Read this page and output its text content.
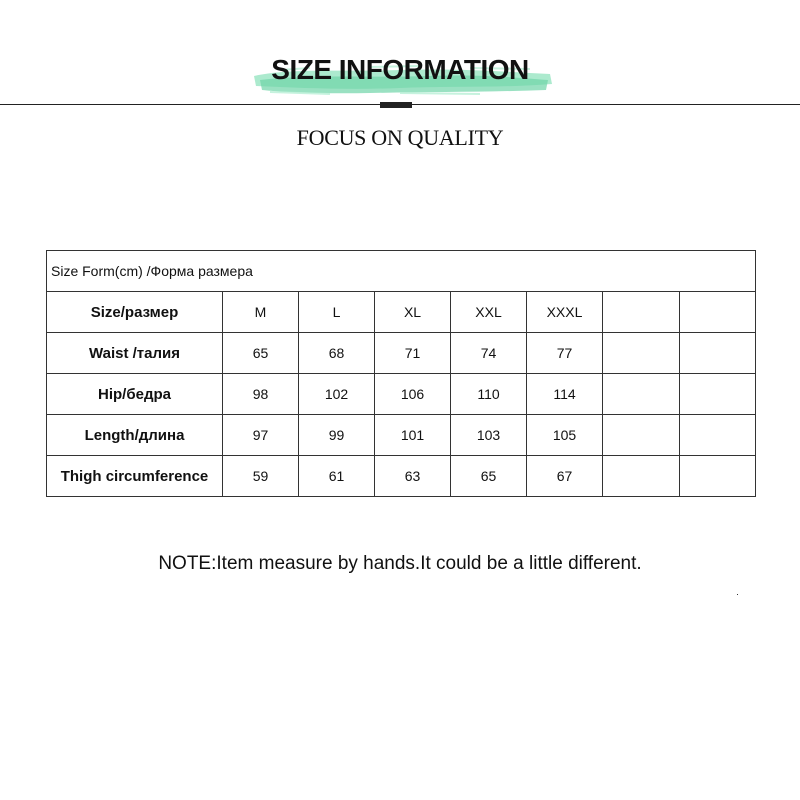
SIZE INFORMATION
FOCUS ON QUALITY
Size Form(cm) /Форма размера							
Size/размер	M	L	XL	XXL	XXXL		
Waist /талия	65	68	71	74	77		
Hip/бедра	98	102	106	110	114		
Length/длина	97	99	101	103	105		
Thigh circumference	59	61	63	65	67		
NOTE:Item measure by hands.It could be a little different.
